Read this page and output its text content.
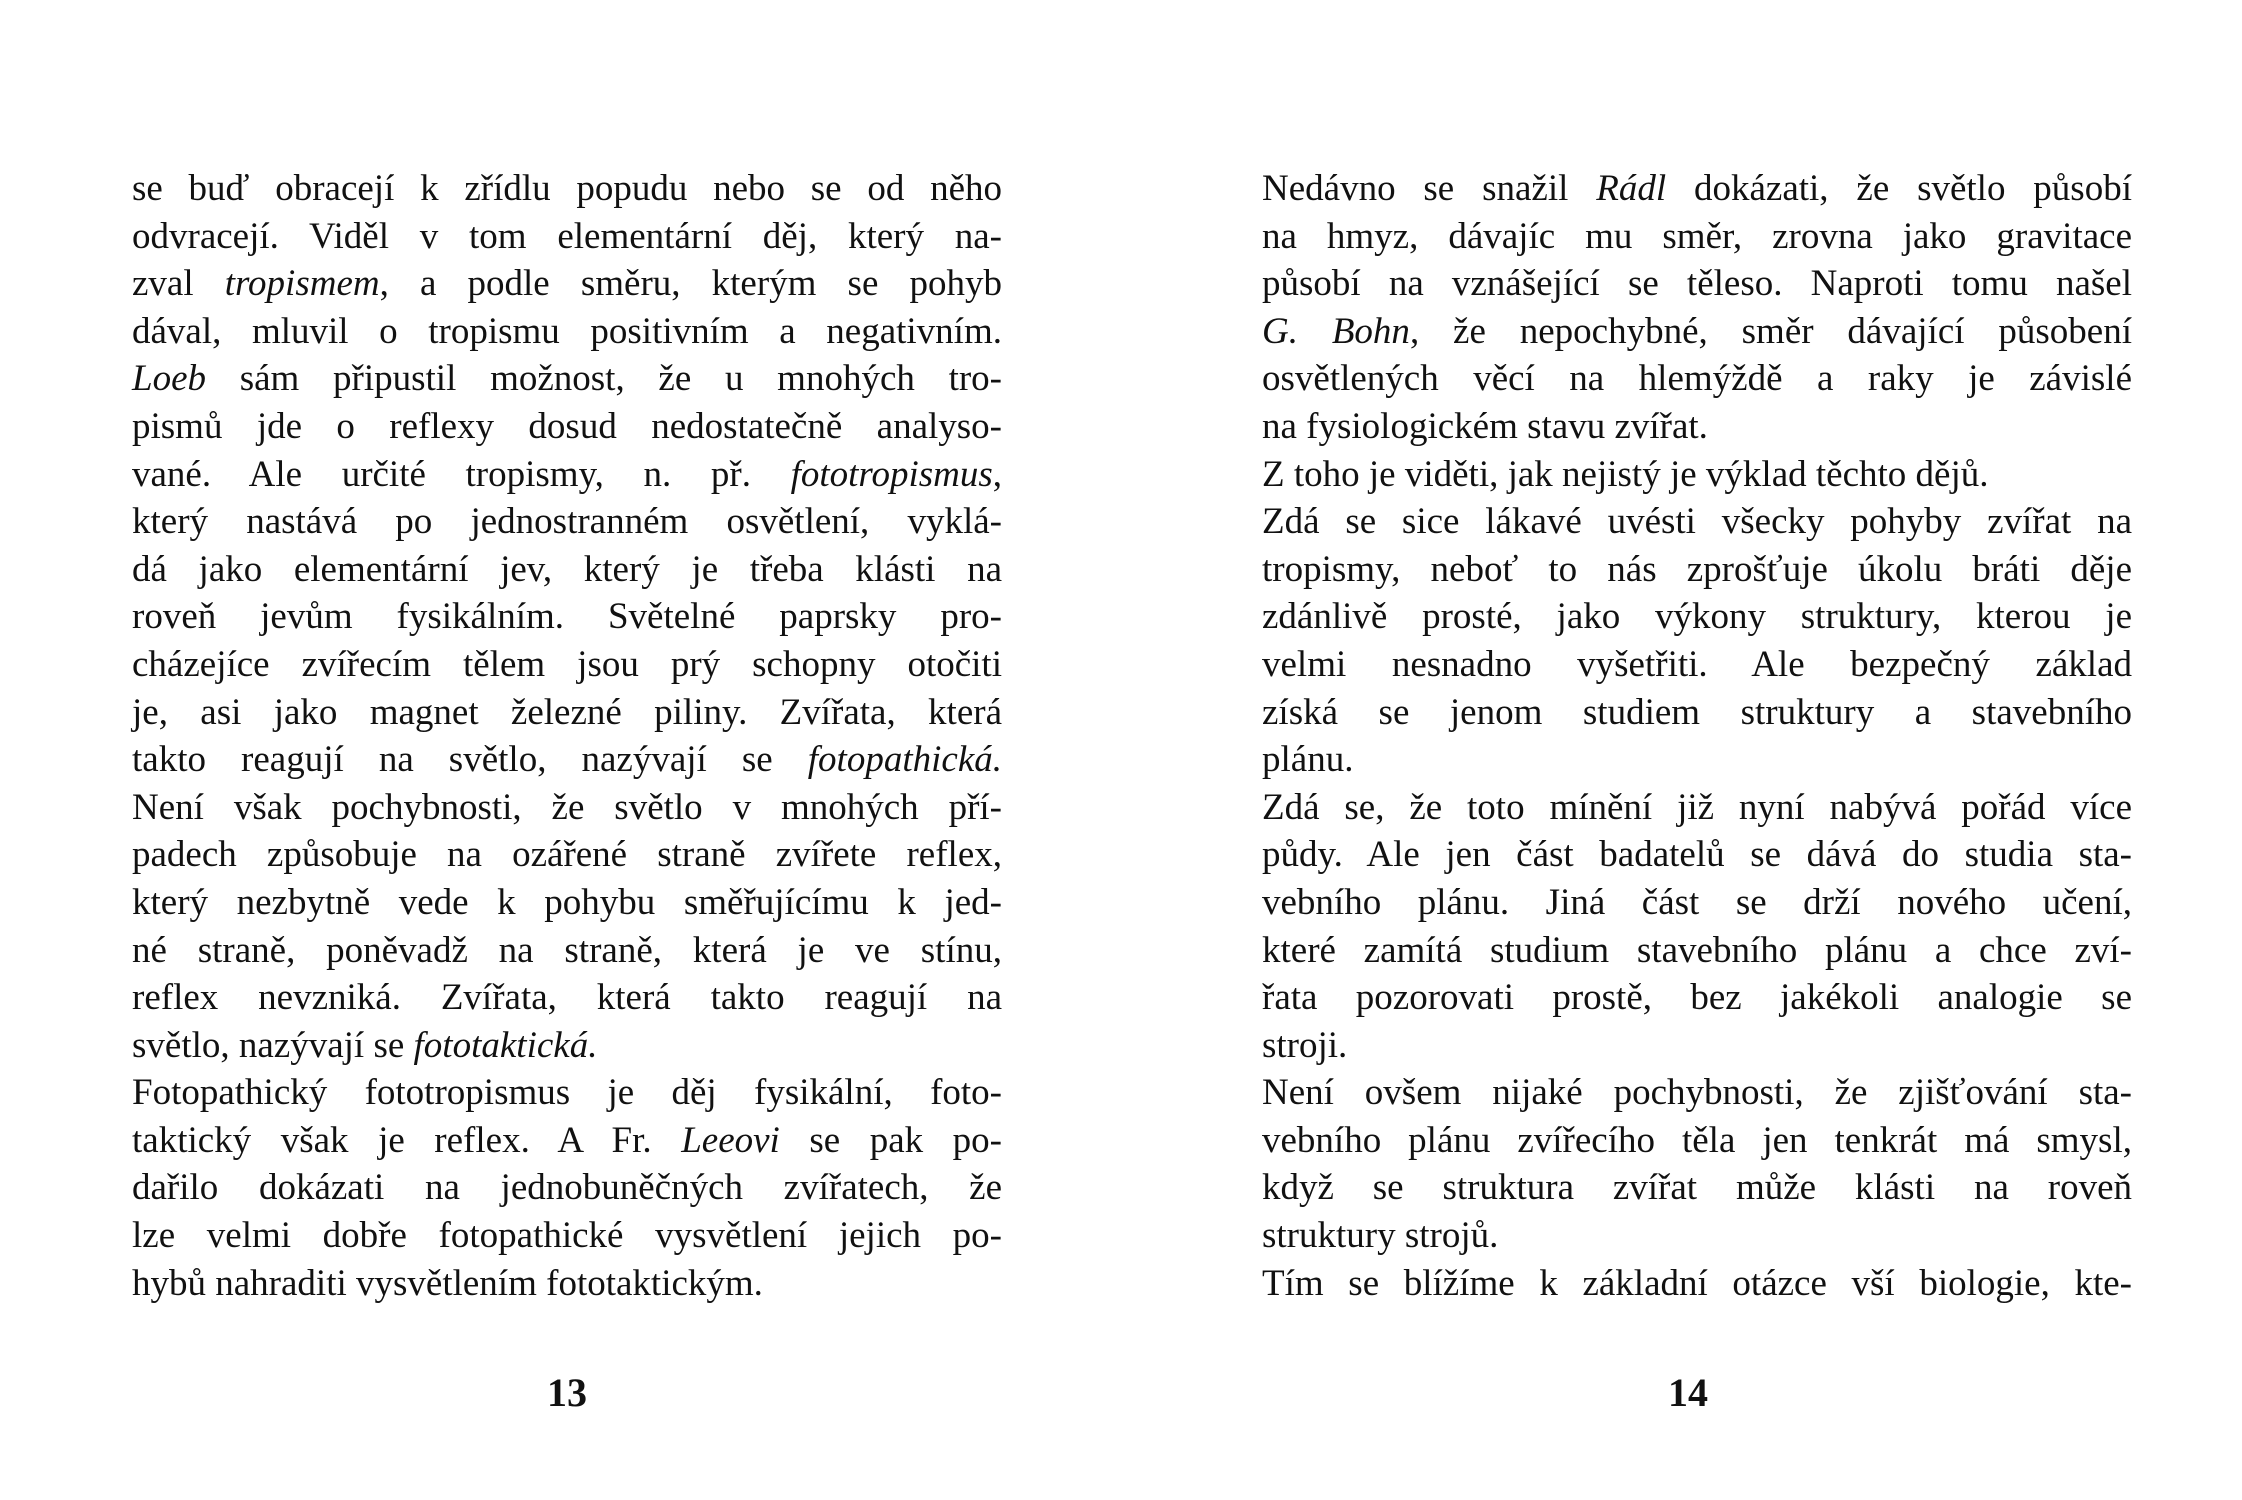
se buď obracejí k zřídlu popudu nebo se od něho
odvracejí. Viděl v tom elementární děj, který na-
zval tropismem, a podle směru, kterým se pohyb
dával, mluvil o tropismu positivním a negativním.
Loeb sám připustil možnost, že u mnohých tro-
pismů jde o reflexy dosud nedostatečně analyso-
vané. Ale určité tropismy, n. př. fototropismus,
který nastává po jednostranném osvětlení, vyklá-
dá jako elementární jev, který je třeba klásti na
roveň jevům fysikálním. Světelné paprsky pro-
cházejíce zvířecím tělem jsou prý schopny otočiti
je, asi jako magnet železné piliny. Zvířata, která
takto reagují na světlo, nazývají se fotopathická.
Není však pochybnosti, že světlo v mnohých pří-
padech způsobuje na ozářené straně zvířete reflex,
který nezbytně vede k pohybu směřujícímu k jed-
né straně, poněvadž na straně, která je ve stínu,
reflex nevzniká. Zvířata, která takto reagují na
světlo, nazývají se fototaktická.
Fotopathický fototropismus je děj fysikální, foto-
taktický však je reflex. A Fr. Leeovi se pak po-
dařilo dokázati na jednobuněčných zvířatech, že
lze velmi dobře fotopathické vysvětlení jejich po-
hybů nahraditi vysvětlením fototaktickým.
13
Nedávno se snažil Rádl dokázati, že světlo působí
na hmyz, dávajíc mu směr, zrovna jako gravitace
působí na vznášející se těleso. Naproti tomu našel
G. Bohn, že nepochybné, směr dávající působení
osvětlených věcí na hlemýždě a raky je závislé
na fysiologickém stavu zvířat.
Z toho je viděti, jak nejistý je výklad těchto dějů.
Zdá se sice lákavé uvésti všecky pohyby zvířat na
tropismy, neboť to nás zprošťuje úkolu bráti děje
zdánlivě prosté, jako výkony struktury, kterou je
velmi nesnadno vyšetřiti. Ale bezpečný základ
získá se jenom studiem struktury a stavebního
plánu.
Zdá se, že toto mínění již nyní nabývá pořád více
půdy. Ale jen část badatelů se dává do studia sta-
vebního plánu. Jiná část se drží nového učení,
které zamítá studium stavebního plánu a chce zví-
řata pozorovati prostě, bez jakékoli analogie se
stroji.
Není ovšem nijaké pochybnosti, že zjišťování sta-
vebního plánu zvířecího těla jen tenkrát má smysl,
když se struktura zvířat může klásti na roveň
struktury strojů.
Tím se blížíme k základní otázce vší biologie, kte-
14
